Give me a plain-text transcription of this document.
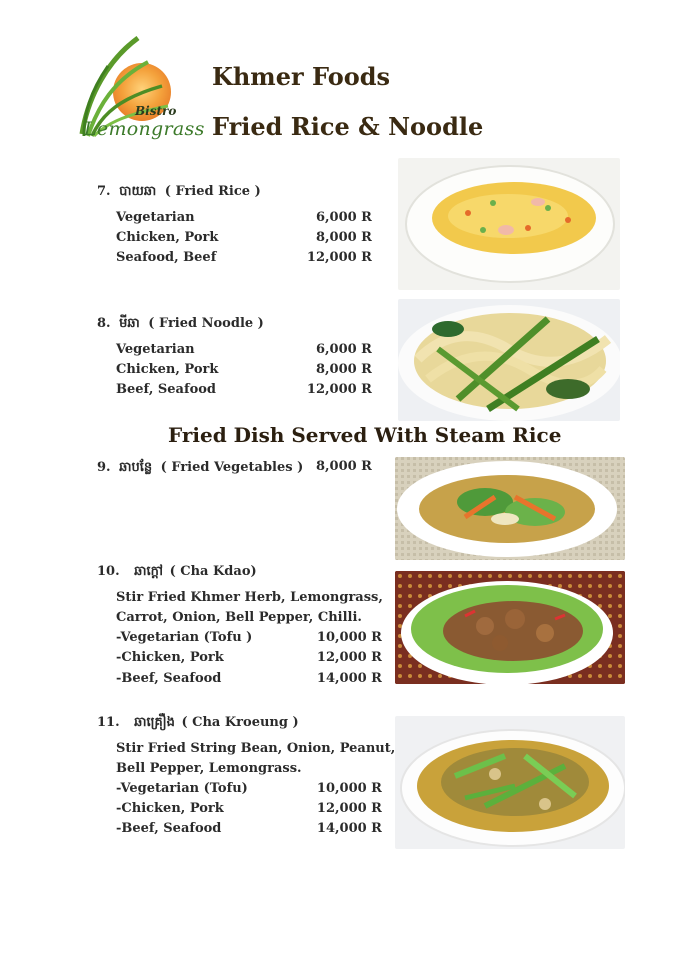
Bistro
Lemongrass
Khmer Foods
Fried Rice & Noodle
7. បាយឆា ( Fried Rice )
Vegetarian	6,000 R
Chicken, Pork	8,000 R
Seafood, Beef	12,000 R
8. មីឆា ( Fried Noodle )
Vegetarian	6,000 R
Chicken, Pork	8,000 R
Beef, Seafood	12,000 R
Fried Dish Served With Steam Rice
9. ឆាបន្លែ ( Fried Vegetables ) 8,000 R
10. ឆាក្ដៅ ( Cha Kdao)
Stir Fried Khmer Herb, Lemongrass,
Carrot, Onion, Bell Pepper, Chilli.
-Vegetarian (Tofu )	10,000 R
-Chicken, Pork	12,000 R
-Beef, Seafood	14,000 R
11. ឆាគ្រឿង ( Cha Kroeung )
Stir Fried String Bean, Onion, Peanut,
Bell Pepper, Lemongrass.
-Vegetarian (Tofu)	10,000 R
-Chicken, Pork	12,000 R
-Beef, Seafood	14,000 R
